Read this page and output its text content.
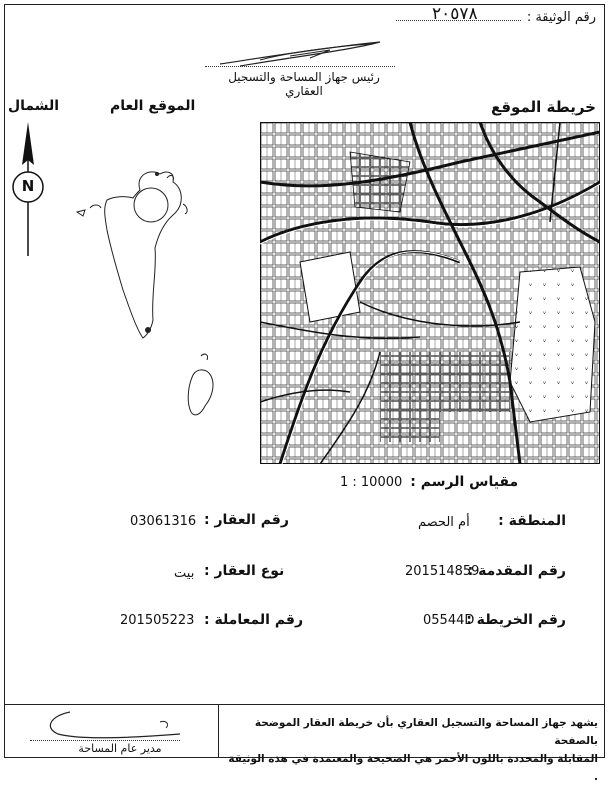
رقم الوثيقة :
٢٠٥٧٨
رئيس جهاز المساحة والتسجيل العقاري
خريطة الموقع
الموقع العام
الشمال
N
مقياس الرسم :
1 : 10000
المنطقة :
أم الحصم
رقم العقار :
03061316
رقم المقدمة :
201514859
نوع العقار :
بيت
رقم الخريطة :
05544D
رقم المعاملة :
201505223
يشهد جهاز المساحة والتسجيل العقاري بأن خريطة العقار الموضحة بالصفحة
المقابلة والمحددة باللون الأحمر هي الصحيحة والمعتمدة في هذه الوثيقة .
مدير عام المساحة
